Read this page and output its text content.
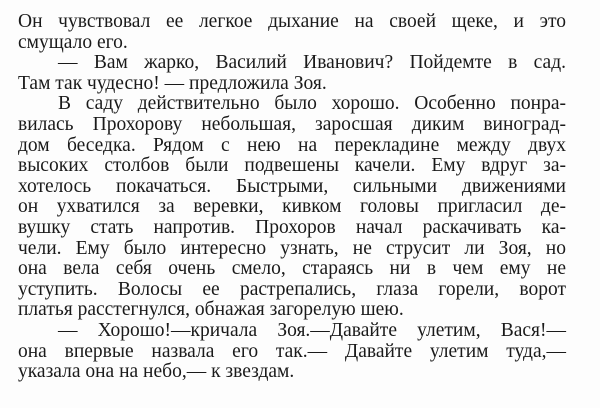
Он чувствовал ее легкое дыхание на своей щеке, и это
смущало его.
— Вам жарко, Василий Иванович? Пойдемте в сад.
Там так чудесно! — предложила Зоя.
В саду действительно было хорошо. Особенно понра-
вилась Прохорову небольшая, заросшая диким виноград-
дом беседка. Рядом с нею на перекладине между двух
высоких столбов были подвешены качели. Ему вдруг за-
хотелось покачаться. Быстрыми, сильными движениями
он ухватился за веревки, кивком головы пригласил де-
вушку стать напротив. Прохоров начал раскачивать ка-
чели. Ему было интересно узнать, не струсит ли Зоя, но
она вела себя очень смело, стараясь ни в чем ему не
уступить. Волосы ее растрепались, глаза горели, ворот
платья расстегнулся, обнажая загорелую шею.
— Хорошо!—кричала Зоя.—Давайте улетим, Вася!—
она впервые назвала его так.— Давайте улетим туда,—
указала она на небо,— к звездам.
